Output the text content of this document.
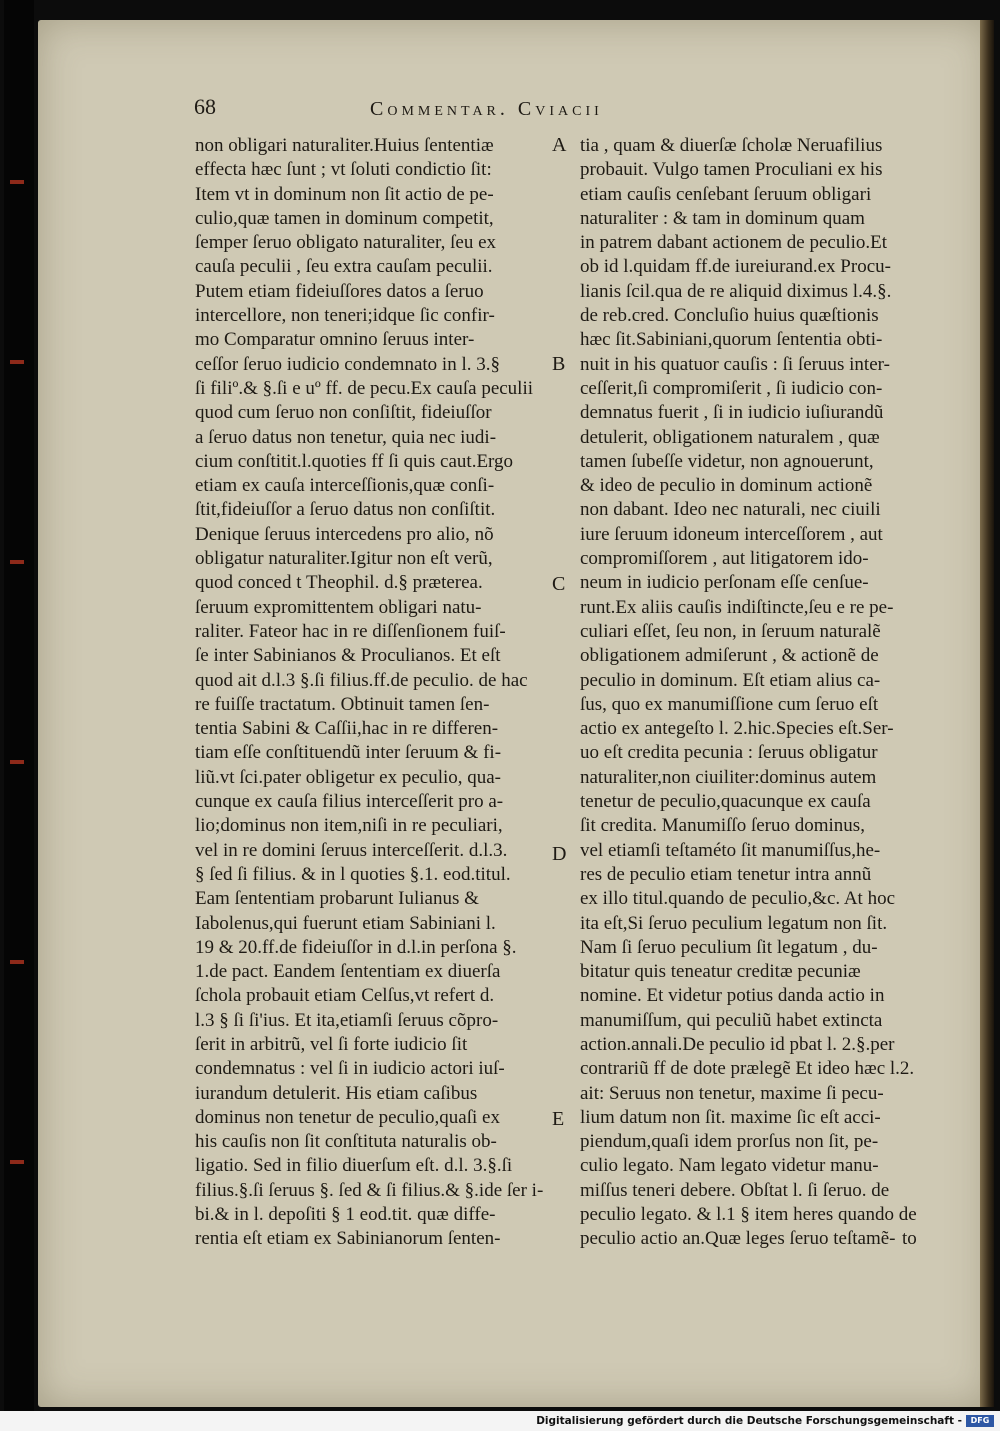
68	Commentar. Cviacii
non obligari naturaliter.Huius ſententiæ
effecta hæc ſunt ; vt ſoluti condictio ſit:
Item vt in dominum non ſit actio de pe-
culio,quæ tamen in dominum competit,
ſemper ſeruo obligato naturaliter, ſeu ex
cauſa peculii , ſeu extra cauſam peculii.
Putem etiam fideiuſſores datos a ſeruo
intercellore, non teneri;idque ſic confir-
mo Comparatur omnino ſeruus inter-
ceſſor ſeruo iudicio condemnato in l. 3.§
ſi filiº.& §.ſi e uº ff. de pecu.Ex cauſa peculii
quod cum ſeruo non conſiſtit, fideiuſſor
a ſeruo datus non tenetur, quia nec iudi-
cium conſtitit.l.quoties ff ſi quis caut.Ergo
etiam ex cauſa interceſſionis,quæ conſi-
ſtit,fideiuſſor a ſeruo datus non conſiſtit.
Denique ſeruus intercedens pro alio, nõ
obligatur naturaliter.Igitur non eſt verũ,
quod conced t Theophil. d.§ præterea.
ſeruum expromittentem obligari natu-
raliter. Fateor hac in re diſſenſionem fuiſ-
ſe inter Sabinianos & Proculianos. Et eſt
quod ait d.l.3 §.ſi filius.ff.de peculio. de hac
re fuiſſe tractatum. Obtinuit tamen ſen-
tentia Sabini & Caſſii,hac in re differen-
tiam eſſe conſtituendũ inter ſeruum & fi-
liũ.vt ſci.pater obligetur ex peculio, qua-
cunque ex cauſa filius interceſſerit pro a-
lio;dominus non item,niſi in re peculiari,
vel in re domini ſeruus interceſſerit. d.l.3.
§ ſed ſi filius. & in l quoties §.1. eod.titul.
Eam ſententiam probarunt Iulianus &
Iabolenus,qui fuerunt etiam Sabiniani l.
19 & 20.ff.de fideiuſſor in d.l.in perſona §.
1.de pact. Eandem ſententiam ex diuerſa
ſchola probauit etiam Celſus,vt refert d.
l.3 § ſi ſi'ius. Et ita,etiamſi ſeruus cõpro-
ſerit in arbitrũ, vel ſi forte iudicio ſit
condemnatus : vel ſi in iudicio actori iuſ-
iurandum detulerit. His etiam caſibus
dominus non tenetur de peculio,quaſi ex
his cauſis non ſit conſtituta naturalis ob-
ligatio. Sed in filio diuerſum eſt. d.l. 3.§.ſi
filius.§.ſi ſeruus §. ſed & ſi filius.& §.ide ſer i-
bi.& in l. depoſiti § 1 eod.tit. quæ diffe-
rentia eſt etiam ex Sabinianorum ſenten-
tia , quam & diuerſæ ſcholæ Neruafilius
probauit. Vulgo tamen Proculiani ex his
etiam cauſis cenſebant ſeruum obligari
naturaliter : & tam in dominum quam
in patrem dabant actionem de peculio.Et
ob id l.quidam ff.de iureiurand.ex Procu-
lianis ſcil.qua de re aliquid diximus l.4.§.
de reb.cred. Concluſio huius quæſtionis
hæc ſit.Sabiniani,quorum ſententia obti-
nuit in his quatuor cauſis : ſi ſeruus inter-
ceſſerit,ſi compromiſerit , ſi iudicio con-
demnatus fuerit , ſi in iudicio iuſiurandũ
detulerit, obligationem naturalem , quæ
tamen ſubeſſe videtur, non agnouerunt,
& ideo de peculio in dominum actionẽ
non dabant. Ideo nec naturali, nec ciuili
iure ſeruum idoneum interceſſorem , aut
compromiſſorem , aut litigatorem ido-
neum in iudicio perſonam eſſe cenſue-
runt.Ex aliis cauſis indiſtincte,ſeu e re pe-
culiari eſſet, ſeu non, in ſeruum naturalẽ
obligationem admiſerunt , & actionẽ de
peculio in dominum. Eſt etiam alius ca-
ſus, quo ex manumiſſione cum ſeruo eſt
actio ex antegeſto l. 2.hic.Species eſt.Ser-
uo eſt credita pecunia : ſeruus obligatur
naturaliter,non ciuiliter:dominus autem
tenetur de peculio,quacunque ex cauſa
ſit credita. Manumiſſo ſeruo dominus,
vel etiamſi teſtaméto ſit manumiſſus,he-
res de peculio etiam tenetur intra annũ
ex illo titul.quando de peculio,&c. At hoc
ita eſt,Si ſeruo peculium legatum non ſit.
Nam ſi ſeruo peculium ſit legatum , du-
bitatur quis teneatur creditæ pecuniæ
nomine. Et videtur potius danda actio in
manumiſſum, qui peculiũ habet extincta
action.annali.De peculio id pbat l. 2.§.per
contrariũ ff de dote prælegẽ Et ideo hæc l.2.
ait: Seruus non tenetur, maxime ſi pecu-
lium datum non ſit. maxime ſic eſt acci-
piendum,quaſi idem prorſus non ſit, pe-
culio legato. Nam legato videtur manu-
miſſus teneri debere. Obſtat l. ſi ſeruo. de
peculio legato. & l.1 § item heres quando de
peculio actio an.Quæ leges ſeruo teſtamẽ-
A
B
C
D
E
to
Digitalisierung gefördert durch die Deutsche Forschungsgemeinschaft -	DFG
